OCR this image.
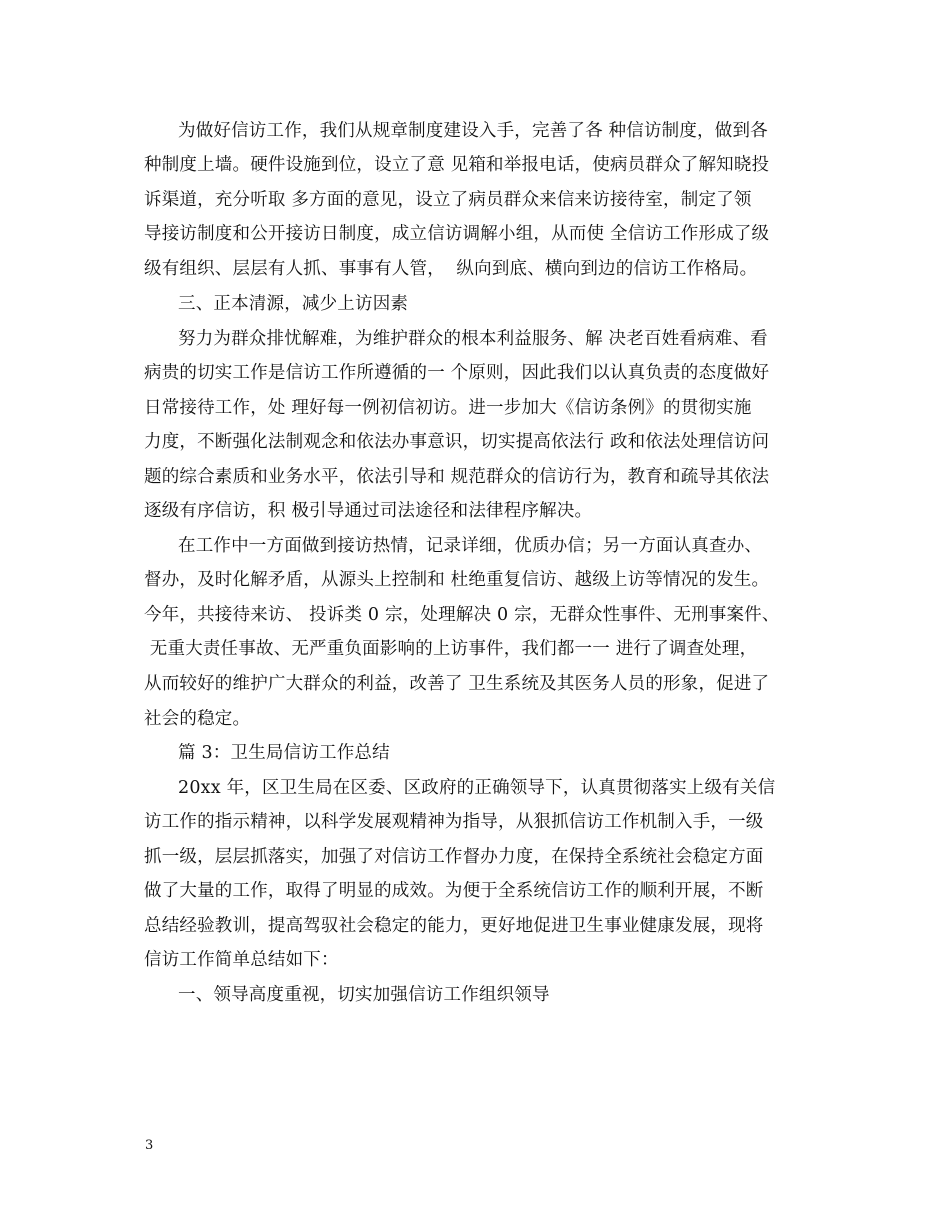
为做好信访工作，我们从规章制度建设入手，完善了各 种信访制度，做到各
种制度上墙。硬件设施到位，设立了意 见箱和举报电话，使病员群众了解知晓投
诉渠道，充分听取 多方面的意见，设立了病员群众来信来访接待室，制定了领
导接访制度和公开接访日制度，成立信访调解小组，从而使 全信访工作形成了级
级有组织、层层有人抓、事事有人管，  纵向到底、横向到边的信访工作格局。
三、正本清源，减少上访因素
努力为群众排忧解难，为维护群众的根本利益服务、解 决老百姓看病难、看
病贵的切实工作是信访工作所遵循的一 个原则，因此我们以认真负责的态度做好
日常接待工作，处 理好每一例初信初访。进一步加大《信访条例》的贯彻实施
力度，不断强化法制观念和依法办事意识，切实提高依法行 政和依法处理信访问
题的综合素质和业务水平，依法引导和 规范群众的信访行为，教育和疏导其依法
逐级有序信访，积 极引导通过司法途径和法律程序解决。
在工作中一方面做到接访热情，记录详细，优质办信；另一方面认真查办、
督办，及时化解矛盾，从源头上控制和 杜绝重复信访、越级上访等情况的发生。
今年，共接待来访、 投诉类 0 宗，处理解决 0 宗，无群众性事件、无刑事案件、
无重大责任事故、无严重负面影响的上访事件，我们都一一 进行了调查处理，
从而较好的维护广大群众的利益，改善了 卫生系统及其医务人员的形象，促进了
社会的稳定。
篇 3：卫生局信访工作总结
20xx 年，区卫生局在区委、区政府的正确领导下，认真贯彻落实上级有关信
访工作的指示精神，以科学发展观精神为指导，从狠抓信访工作机制入手，一级
抓一级，层层抓落实，加强了对信访工作督办力度，在保持全系统社会稳定方面
做了大量的工作，取得了明显的成效。为便于全系统信访工作的顺利开展，不断
总结经验教训，提高驾驭社会稳定的能力，更好地促进卫生事业健康发展，现将
信访工作简单总结如下：
一、领导高度重视，切实加强信访工作组织领导
3
